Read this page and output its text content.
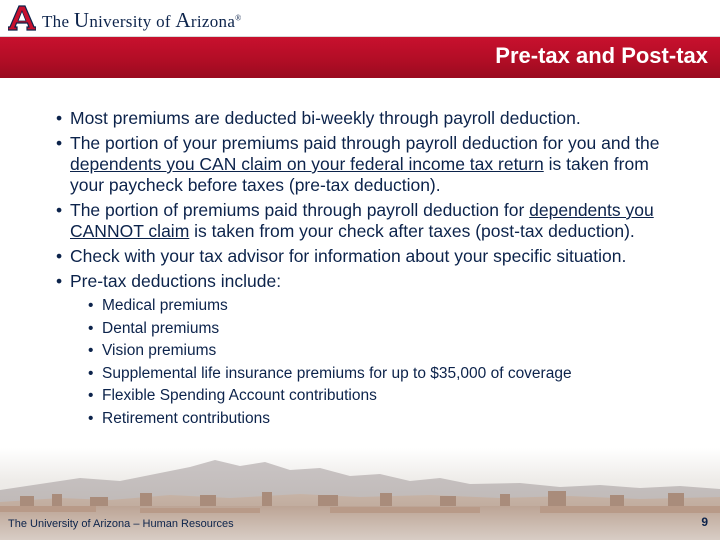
The University of Arizona®
Pre-tax and Post-tax
• Most premiums are deducted bi-weekly through payroll deduction.
• The portion of your premiums paid through payroll deduction for you and the dependents you CAN claim on your federal income tax return is taken from your paycheck before taxes (pre-tax deduction).
• The portion of premiums paid through payroll deduction for dependents you CANNOT claim is taken from your check after taxes (post-tax deduction).
• Check with your tax advisor for information about your specific situation.
• Pre-tax deductions include:
• Medical premiums
• Dental premiums
• Vision premiums
• Supplemental life insurance premiums for up to $35,000 of coverage
• Flexible Spending Account contributions
• Retirement contributions
The University of Arizona – Human Resources	9
